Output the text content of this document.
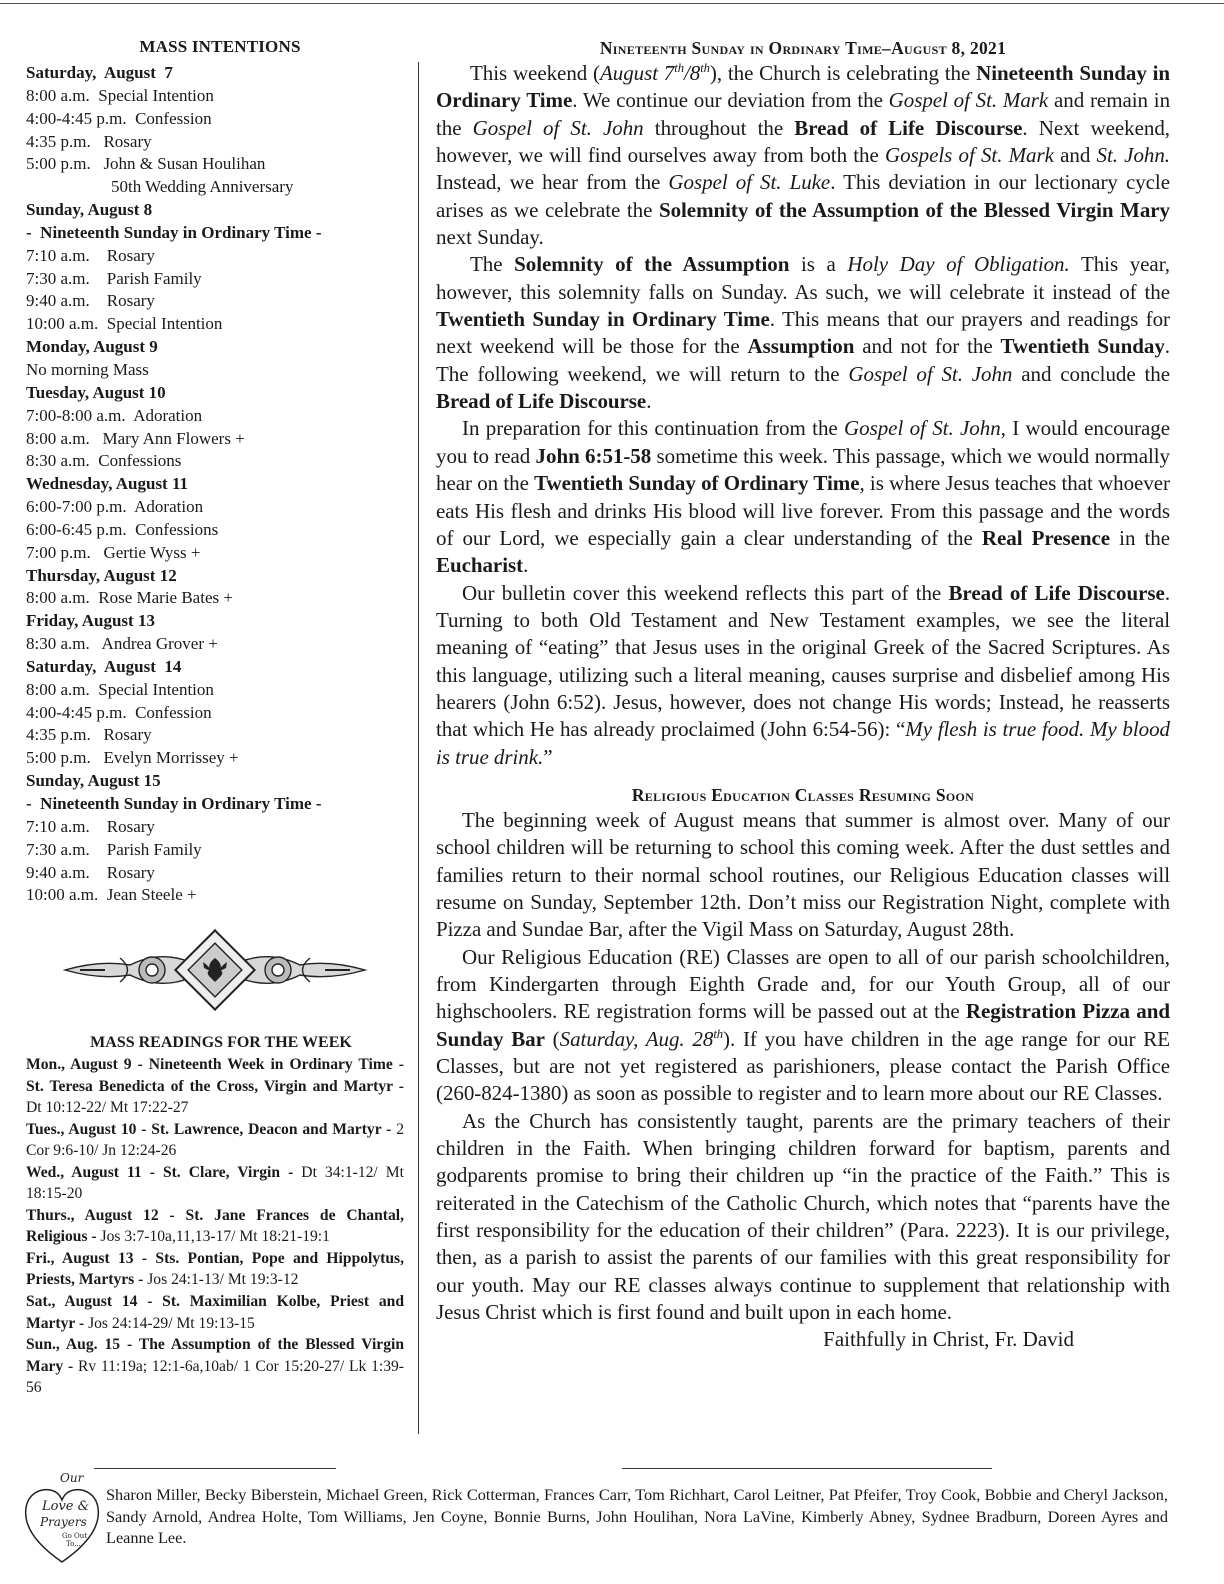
MASS INTENTIONS
Saturday,  August  7
8:00 a.m.  Special Intention
4:00-4:45 p.m.  Confession
4:35 p.m.   Rosary
5:00 p.m.   John & Susan Houlihan
50th Wedding Anniversary
Sunday, August 8
-  Nineteenth Sunday in Ordinary Time -
7:10 a.m.    Rosary
7:30 a.m.    Parish Family
9:40 a.m.    Rosary
10:00 a.m.  Special Intention
Monday, August 9
No morning Mass
Tuesday, August 10
7:00-8:00 a.m.  Adoration
8:00 a.m.   Mary Ann Flowers +
8:30 a.m.  Confessions
Wednesday, August 11
6:00-7:00 p.m.  Adoration
6:00-6:45 p.m.  Confessions
7:00 p.m.   Gertie Wyss +
Thursday, August 12
8:00 a.m.  Rose Marie Bates +
Friday, August 13
8:30 a.m.   Andrea Grover +
Saturday,  August  14
8:00 a.m.  Special Intention
4:00-4:45 p.m.  Confession
4:35 p.m.   Rosary
5:00 p.m.   Evelyn Morrissey +
Sunday, August 15
-  Nineteenth Sunday in Ordinary Time -
7:10 a.m.    Rosary
7:30 a.m.    Parish Family
9:40 a.m.    Rosary
10:00 a.m.  Jean Steele +
MASS READINGS FOR THE WEEK
Mon., August 9 - Nineteenth Week in Ordinary Time - St. Teresa Benedicta of the Cross, Virgin and Martyr - Dt 10:12-22/ Mt 17:22-27
Tues., August 10 - St. Lawrence, Deacon and Martyr - 2 Cor 9:6-10/ Jn 12:24-26
Wed., August 11 - St. Clare, Virgin - Dt 34:1-12/ Mt 18:15-20
Thurs., August 12 - St. Jane Frances de Chantal, Religious - Jos 3:7-10a,11,13-17/ Mt 18:21-19:1
Fri., August 13 - Sts. Pontian, Pope and Hippolytus, Priests, Martyrs - Jos 24:1-13/ Mt 19:3-12
Sat., August 14 - St. Maximilian Kolbe, Priest and Martyr - Jos 24:14-29/ Mt 19:13-15
Sun., Aug. 15 - The Assumption of the Blessed Virgin Mary - Rv 11:19a; 12:1-6a,10ab/ 1 Cor 15:20-27/ Lk 1:39-56
Nineteenth Sunday in Ordinary Time–August 8, 2021

This weekend (August 7th/8th), the Church is celebrating the Nineteenth Sunday in Ordinary Time. We continue our deviation from the Gospel of St. Mark and remain in the Gospel of St. John throughout the Bread of Life Discourse. Next weekend, however, we will find ourselves away from both the Gospels of St. Mark and St. John. Instead, we hear from the Gospel of St. Luke. This deviation in our lectionary cycle arises as we celebrate the Solemnity of the Assumption of the Blessed Virgin Mary next Sunday.

The Solemnity of the Assumption is a Holy Day of Obligation. This year, however, this solemnity falls on Sunday. As such, we will celebrate it instead of the Twentieth Sunday in Ordinary Time. This means that our prayers and readings for next weekend will be those for the Assumption and not for the Twentieth Sunday. The following weekend, we will return to the Gospel of St. John and conclude the Bread of Life Discourse.

In preparation for this continuation from the Gospel of St. John, I would encourage you to read John 6:51-58 sometime this week. This passage, which we would normally hear on the Twentieth Sunday of Ordinary Time, is where Jesus teaches that whoever eats His flesh and drinks His blood will live forever. From this passage and the words of our Lord, we especially gain a clear understanding of the Real Presence in the Eucharist.

Our bulletin cover this weekend reflects this part of the Bread of Life Discourse. Turning to both Old Testament and New Testament examples, we see the literal meaning of “eating” that Jesus uses in the original Greek of the Sacred Scriptures. As this language, utilizing such a literal meaning, causes surprise and disbelief among His hearers (John 6:52). Jesus, however, does not change His words; Instead, he reasserts that which He has already proclaimed (John 6:54-56): “My flesh is true food. My blood is true drink.”

Religious Education Classes Resuming Soon

The beginning week of August means that summer is almost over. Many of our school children will be returning to school this coming week. After the dust settles and families return to their normal school routines, our Religious Education classes will resume on Sunday, September 12th. Don’t miss our Registration Night, complete with Pizza and Sundae Bar, after the Vigil Mass on Saturday, August 28th.

Our Religious Education (RE) Classes are open to all of our parish schoolchildren, from Kindergarten through Eighth Grade and, for our Youth Group, all of our highschoolers. RE registration forms will be passed out at the Registration Pizza and Sunday Bar (Saturday, Aug. 28th). If you have children in the age range for our RE Classes, but are not yet registered as parishioners, please contact the Parish Office (260-824-1380) as soon as possible to register and to learn more about our RE Classes.

As the Church has consistently taught, parents are the primary teachers of their children in the Faith. When bringing children forward for baptism, parents and godparents promise to bring their children up “in the practice of the Faith.” This is reiterated in the Catechism of the Catholic Church, which notes that “parents have the first responsibility for the education of their children” (Para. 2223). It is our privilege, then, as a parish to assist the parents of our families with this great responsibility for our youth. May our RE classes always continue to supplement that relationship with Jesus Christ which is first found and built upon in each home.

Faithfully in Christ, Fr. David
Our
Love &
Prayers
Go Out
To...
Sharon Miller, Becky Biberstein, Michael Green, Rick Cotterman, Frances Carr, Tom Richhart, Carol Leitner, Pat Pfeifer, Troy Cook, Bobbie and Cheryl Jackson, Sandy Arnold, Andrea Holte, Tom Williams, Jen Coyne, Bonnie Burns, John Houlihan, Nora LaVine, Kimberly Abney, Sydnee Bradburn, Doreen Ayres and Leanne Lee.
